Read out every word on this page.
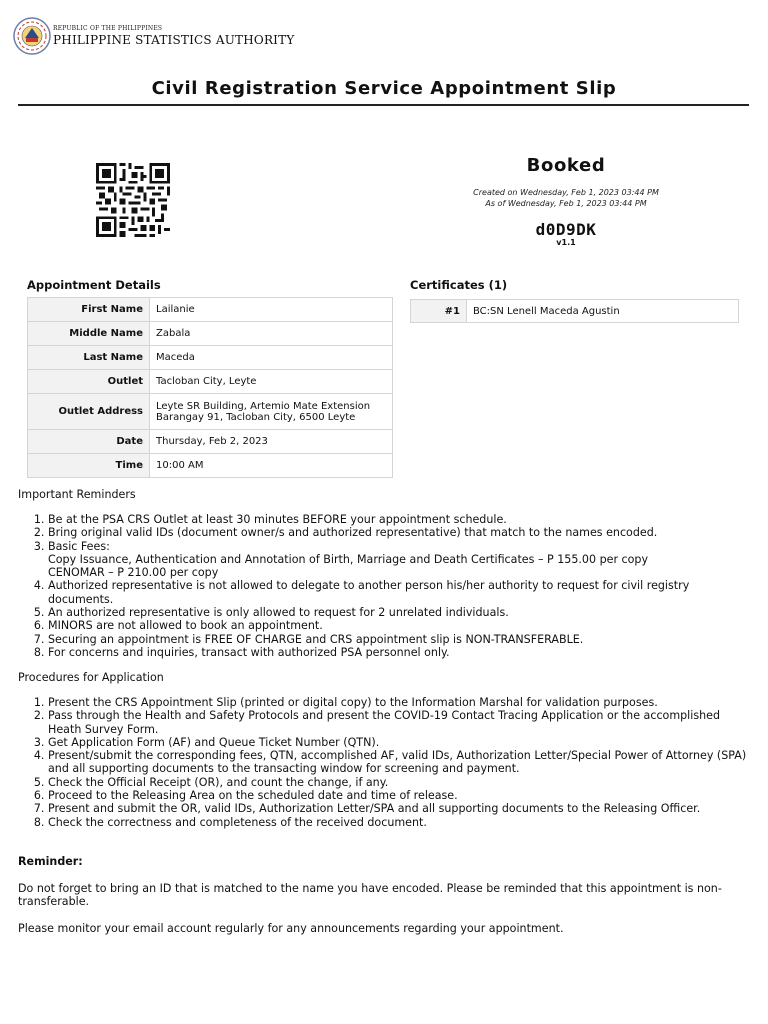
REPUBLIC OF THE PHILIPPINES
PHILIPPINE STATISTICS AUTHORITY
Civil Registration Service Appointment Slip
Booked
Created on Wednesday, Feb 1, 2023 03:44 PM
As of Wednesday, Feb 1, 2023 03:44 PM
d0D9DK
v1.1
Appointment Details
First Name	Lailanie
Middle Name	Zabala
Last Name	Maceda
Outlet	Tacloban City, Leyte
Outlet Address	Leyte SR Building, Artemio Mate Extension
Barangay 91, Tacloban City, 6500 Leyte

Date	Thursday, Feb 2, 2023
Time	10:00 AM
Certificates (1)
#1	BC:SN Lenell Maceda Agustin
Important Reminders
1. Be at the PSA CRS Outlet at least 30 minutes BEFORE your appointment schedule.
2. Bring original valid IDs (document owner/s and authorized representative) that match to the names encoded.
3. Basic Fees:
Copy Issuance, Authentication and Annotation of Birth, Marriage and Death Certificates – P 155.00 per copy
CENOMAR – P 210.00 per copy
4. Authorized representative is not allowed to delegate to another person his/her authority to request for civil registry documents.
5. An authorized representative is only allowed to request for 2 unrelated individuals.
6. MINORS are not allowed to book an appointment.
7. Securing an appointment is FREE OF CHARGE and CRS appointment slip is NON-TRANSFERABLE.
8. For concerns and inquiries, transact with authorized PSA personnel only.
Procedures for Application
1. Present the CRS Appointment Slip (printed or digital copy) to the Information Marshal for validation purposes.
2. Pass through the Health and Safety Protocols and present the COVID-19 Contact Tracing Application or the accomplished Heath Survey Form.
3. Get Application Form (AF) and Queue Ticket Number (QTN).
4. Present/submit the corresponding fees, QTN, accomplished AF, valid IDs, Authorization Letter/Special Power of Attorney (SPA) and all supporting documents to the transacting window for screening and payment.
5. Check the Official Receipt (OR), and count the change, if any.
6. Proceed to the Releasing Area on the scheduled date and time of release.
7. Present and submit the OR, valid IDs, Authorization Letter/SPA and all supporting documents to the Releasing Officer.
8. Check the correctness and completeness of the received document.
Reminder:
Do not forget to bring an ID that is matched to the name you have encoded. Please be reminded that this appointment is non-transferable.
Please monitor your email account regularly for any announcements regarding your appointment.
